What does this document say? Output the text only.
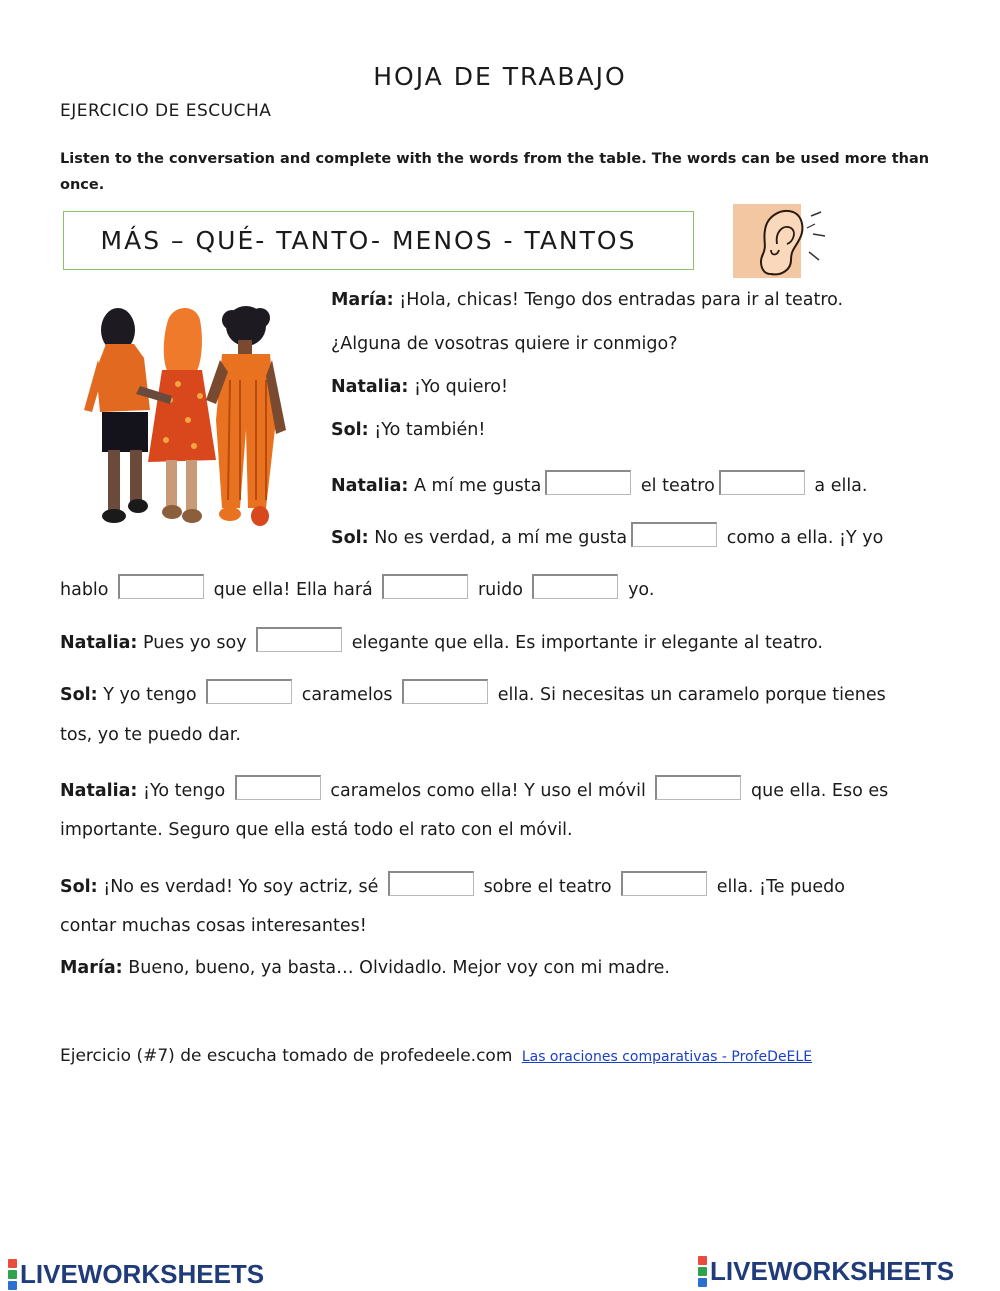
HOJA DE TRABAJO
EJERCICIO DE ESCUCHA
Listen to the conversation and complete with the words from the table. The words can be used more than once.
MÁS – QUÉ- TANTO- MENOS - TANTOS
María: ¡Hola, chicas! Tengo dos entradas para ir al teatro.
¿Alguna de vosotras quiere ir conmigo?
Natalia: ¡Yo quiero!
Sol: ¡Yo también!
Natalia: A mí me gusta	el teatro	a ella.
Sol: No es verdad, a mí me gusta	como a ella. ¡Y yo
hablo	que ella! Ella hará	ruido	yo.
Natalia: Pues yo soy	elegante que ella. Es importante ir elegante al teatro.
Sol: Y yo tengo	caramelos	ella. Si necesitas un caramelo porque tienes
tos, yo te puedo dar.
Natalia: ¡Yo tengo	caramelos como ella! Y uso el móvil	que ella. Eso es
importante. Seguro que ella está todo el rato con el móvil.
Sol: ¡No es verdad! Yo soy actriz, sé	sobre el teatro	ella. ¡Te puedo
contar muchas cosas interesantes!
María: Bueno, bueno, ya basta… Olvidadlo. Mejor voy con mi madre.
Ejercicio (#7) de escucha tomado de profedeele.com Las oraciones comparativas - ProfeDeELE
LIVEWORKSHEETS	LIVEWORKSHEETS
